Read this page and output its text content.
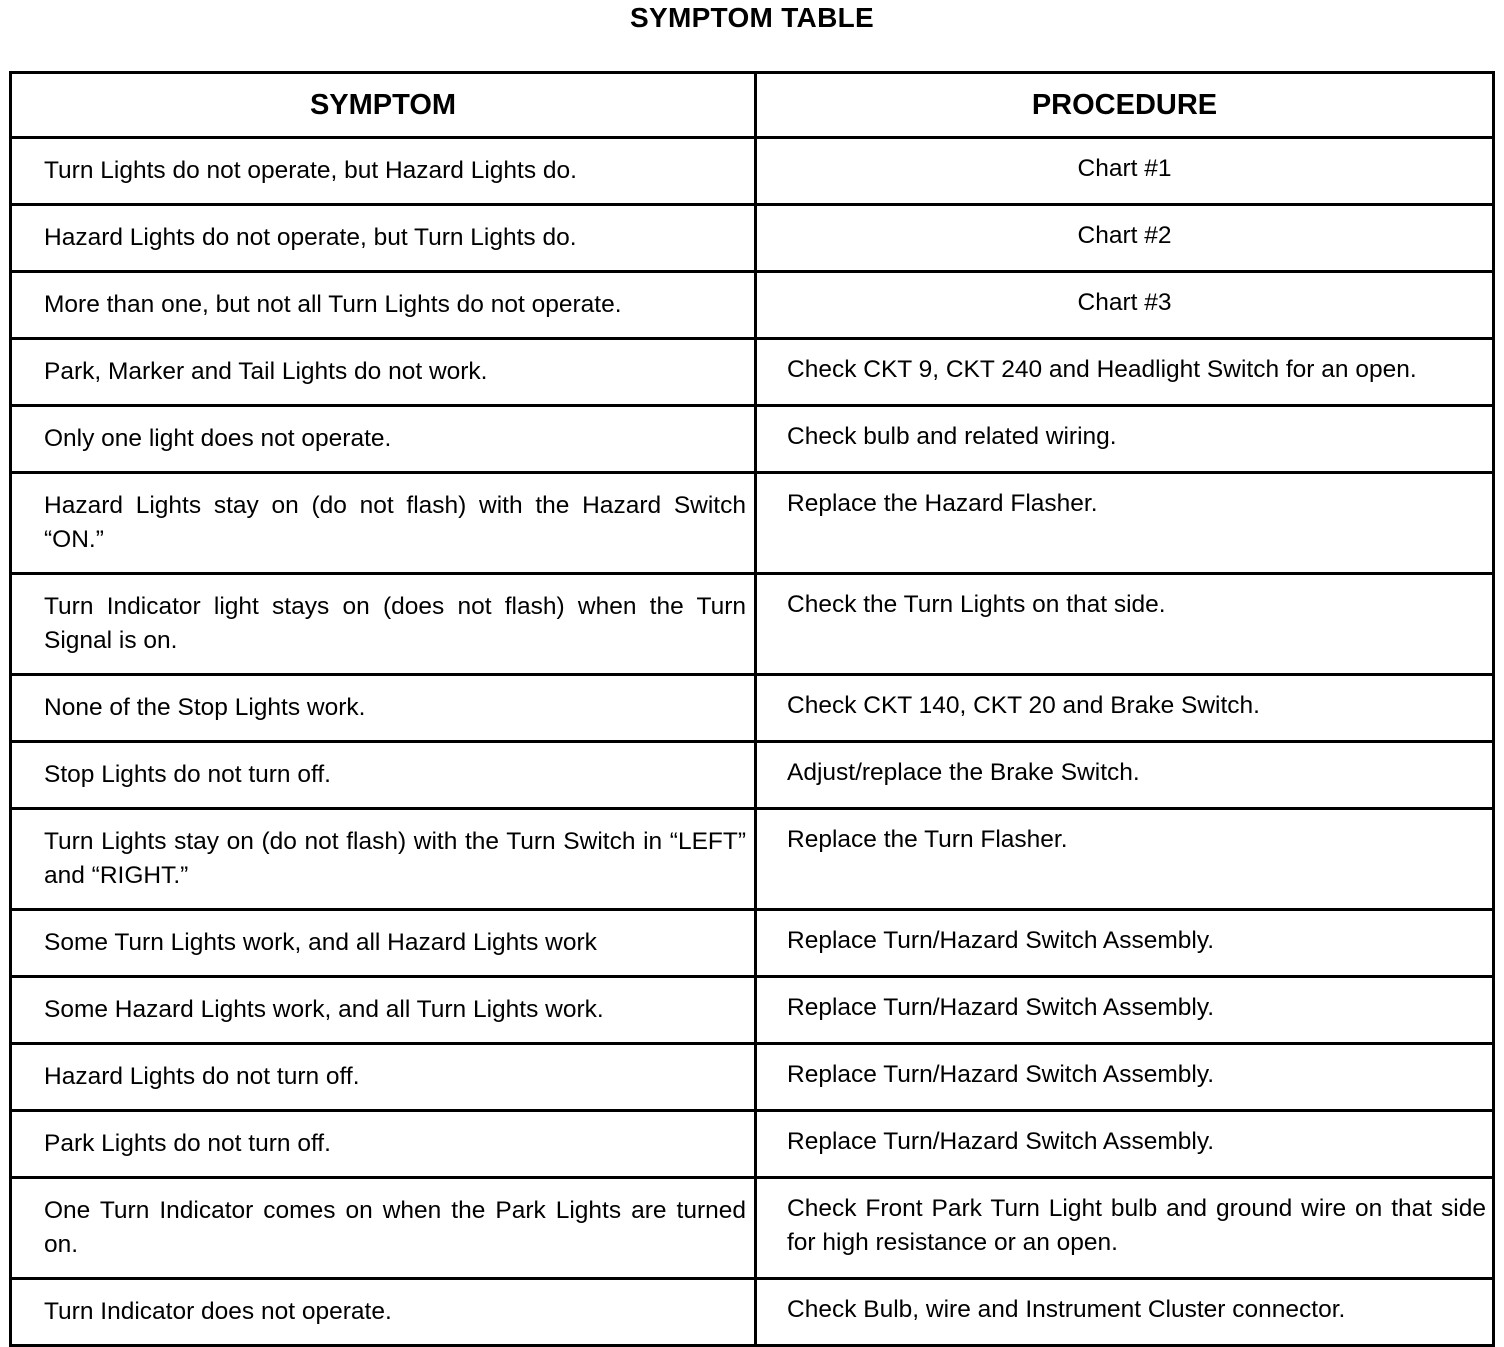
SYMPTOM TABLE
SYMPTOM	PROCEDURE
Turn Lights do not operate, but Hazard Lights do.	Chart #1
Hazard Lights do not operate, but Turn Lights do.	Chart #2
More than one, but not all Turn Lights do not operate.	Chart #3
Park, Marker and Tail Lights do not work.	Check CKT 9, CKT 240 and Headlight Switch for an open.
Only one light does not operate.	Check bulb and related wiring.
Hazard Lights stay on (do not flash) with the Hazard Switch “ON.”	Replace the Hazard Flasher.
Turn Indicator light stays on (does not flash) when the Turn Signal is on.	Check the Turn Lights on that side.
None of the Stop Lights work.	Check CKT 140, CKT 20 and Brake Switch.
Stop Lights do not turn off.	Adjust/replace the Brake Switch.
Turn Lights stay on (do not flash) with the Turn Switch in “LEFT” and “RIGHT.”	Replace the Turn Flasher.
Some Turn Lights work, and all Hazard Lights work	Replace Turn/Hazard Switch Assembly.
Some Hazard Lights work, and all Turn Lights work.	Replace Turn/Hazard Switch Assembly.
Hazard Lights do not turn off.	Replace Turn/Hazard Switch Assembly.
Park Lights do not turn off.	Replace Turn/Hazard Switch Assembly.
One Turn Indicator comes on when the Park Lights are turned on.	Check Front Park Turn Light bulb and ground wire on that side for high resistance or an open.
Turn Indicator does not operate.	Check Bulb, wire and Instrument Cluster connector.
